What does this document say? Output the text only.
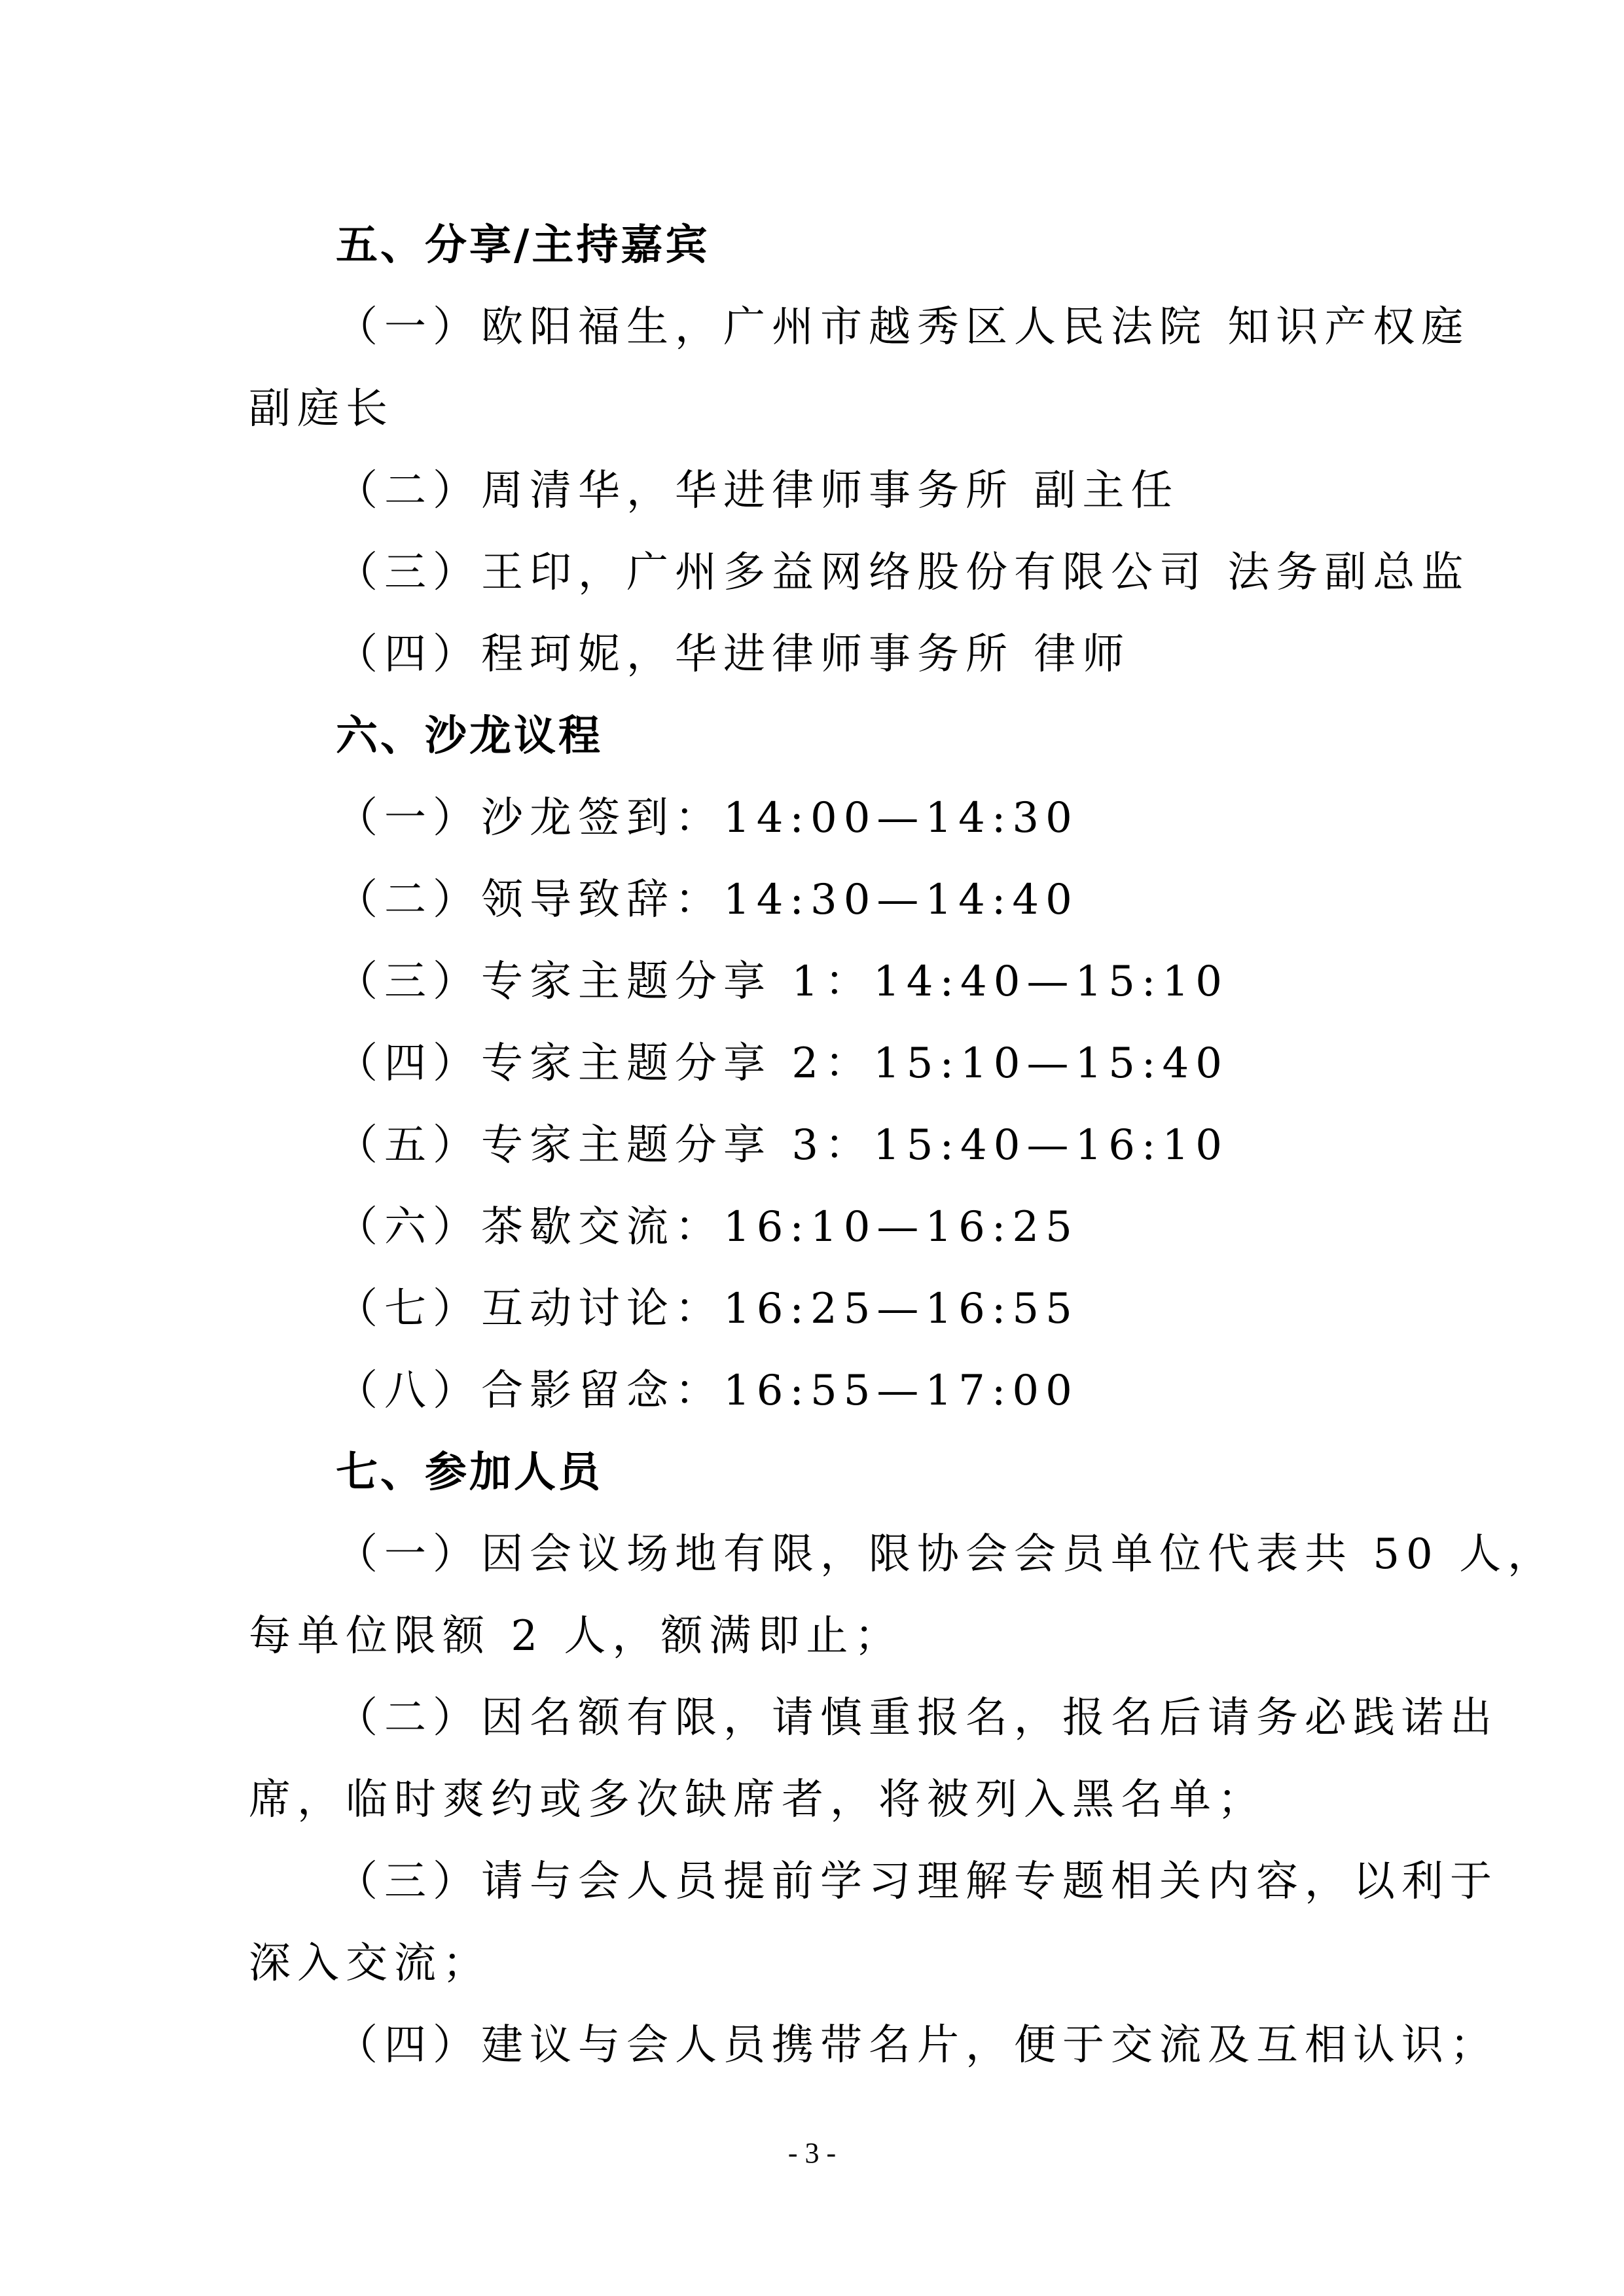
五、分享/主持嘉宾
（一）欧阳福生，广州市越秀区人民法院 知识产权庭
副庭长
（二）周清华，华进律师事务所 副主任
（三）王印，广州多益网络股份有限公司 法务副总监
（四）程珂妮，华进律师事务所 律师
六、沙龙议程
（一）沙龙签到：14:00—14:30
（二）领导致辞：14:30—14:40
（三）专家主题分享 1：14:40—15:10
（四）专家主题分享 2：15:10—15:40
（五）专家主题分享 3：15:40—16:10
（六）茶歇交流：16:10—16:25
（七）互动讨论：16:25—16:55
（八）合影留念：16:55—17:00
七、参加人员
（一）因会议场地有限，限协会会员单位代表共 50 人，
每单位限额 2 人，额满即止；
（二）因名额有限，请慎重报名，报名后请务必践诺出
席，临时爽约或多次缺席者，将被列入黑名单；
（三）请与会人员提前学习理解专题相关内容，以利于
深入交流；
（四）建议与会人员携带名片，便于交流及互相认识；
- 3 -
